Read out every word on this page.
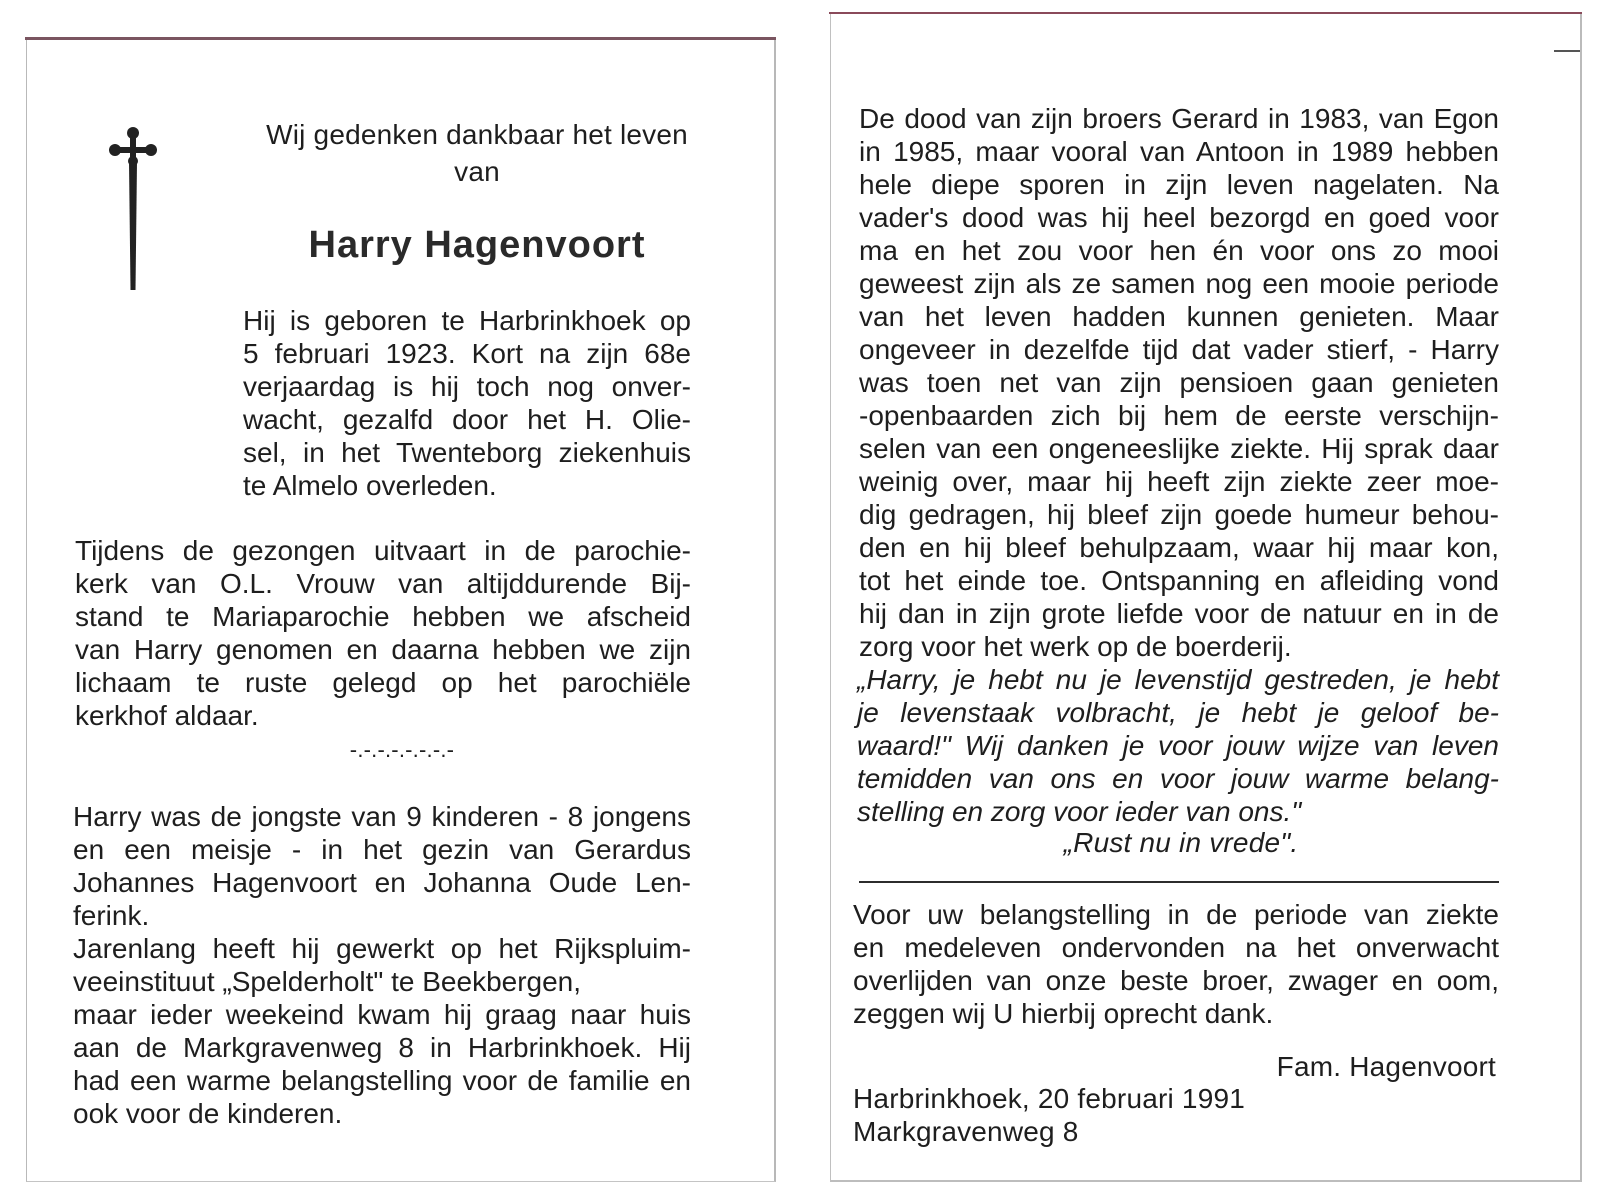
Wij gedenken dankbaar het leven

van

Harry Hagenvoort

Hij is geboren te Harbrinkhoek op
5 februari 1923. Kort na zijn 68e
verjaardag is hij toch nog onver-
wacht, gezalfd door het H. Olie-
sel, in het Twenteborg ziekenhuis
te Almelo overleden.
Tijdens de gezongen uitvaart in de parochie-
kerk van O.L. Vrouw van altijddurende Bij-
stand te Mariaparochie hebben we afscheid
van Harry genomen en daarna hebben we zijn
lichaam te ruste gelegd op het parochiële
kerkhof aldaar.

-.-.-.-.-.-.-.-

Harry was de jongste van 9 kinderen - 8 jongens
en een meisje - in het gezin van Gerardus
Johannes Hagenvoort en Johanna Oude Len-
ferink.
Jarenlang heeft hij gewerkt op het Rijkspluim-
veeinstituut „Spelderholt" te Beekbergen,
maar ieder weekeind kwam hij graag naar huis
aan de Markgravenweg 8 in Harbrinkhoek. Hij
had een warme belangstelling voor de familie en
ook voor de kinderen.
De dood van zijn broers Gerard in 1983, van Egon
in 1985, maar vooral van Antoon in 1989 hebben
hele diepe sporen in zijn leven nagelaten. Na
vader's dood was hij heel bezorgd en goed voor
ma en het zou voor hen én voor ons zo mooi
geweest zijn als ze samen nog een mooie periode
van het leven hadden kunnen genieten. Maar
ongeveer in dezelfde tijd dat vader stierf, - Harry
was toen net van zijn pensioen gaan genieten
-openbaarden zich bij hem de eerste verschijn-
selen van een ongeneeslijke ziekte. Hij sprak daar
weinig over, maar hij heeft zijn ziekte zeer moe-
dig gedragen, hij bleef zijn goede humeur behou-
den en hij bleef behulpzaam, waar hij maar kon,
tot het einde toe. Ontspanning en afleiding vond
hij dan in zijn grote liefde voor de natuur en in de
zorg voor het werk op de boerderij.
„Harry, je hebt nu je levenstijd gestreden, je hebt
je levenstaak volbracht, je hebt je geloof be-
waard!" Wij danken je voor jouw wijze van leven
temidden van ons en voor jouw warme belang-
stelling en zorg voor ieder van ons."

„Rust nu in vrede".

Voor uw belangstelling in de periode van ziekte
en medeleven ondervonden na het onverwacht
overlijden van onze beste broer, zwager en oom,
zeggen wij U hierbij oprecht dank.

Fam. Hagenvoort

Harbrinkhoek, 20 februari 1991

Markgravenweg 8
